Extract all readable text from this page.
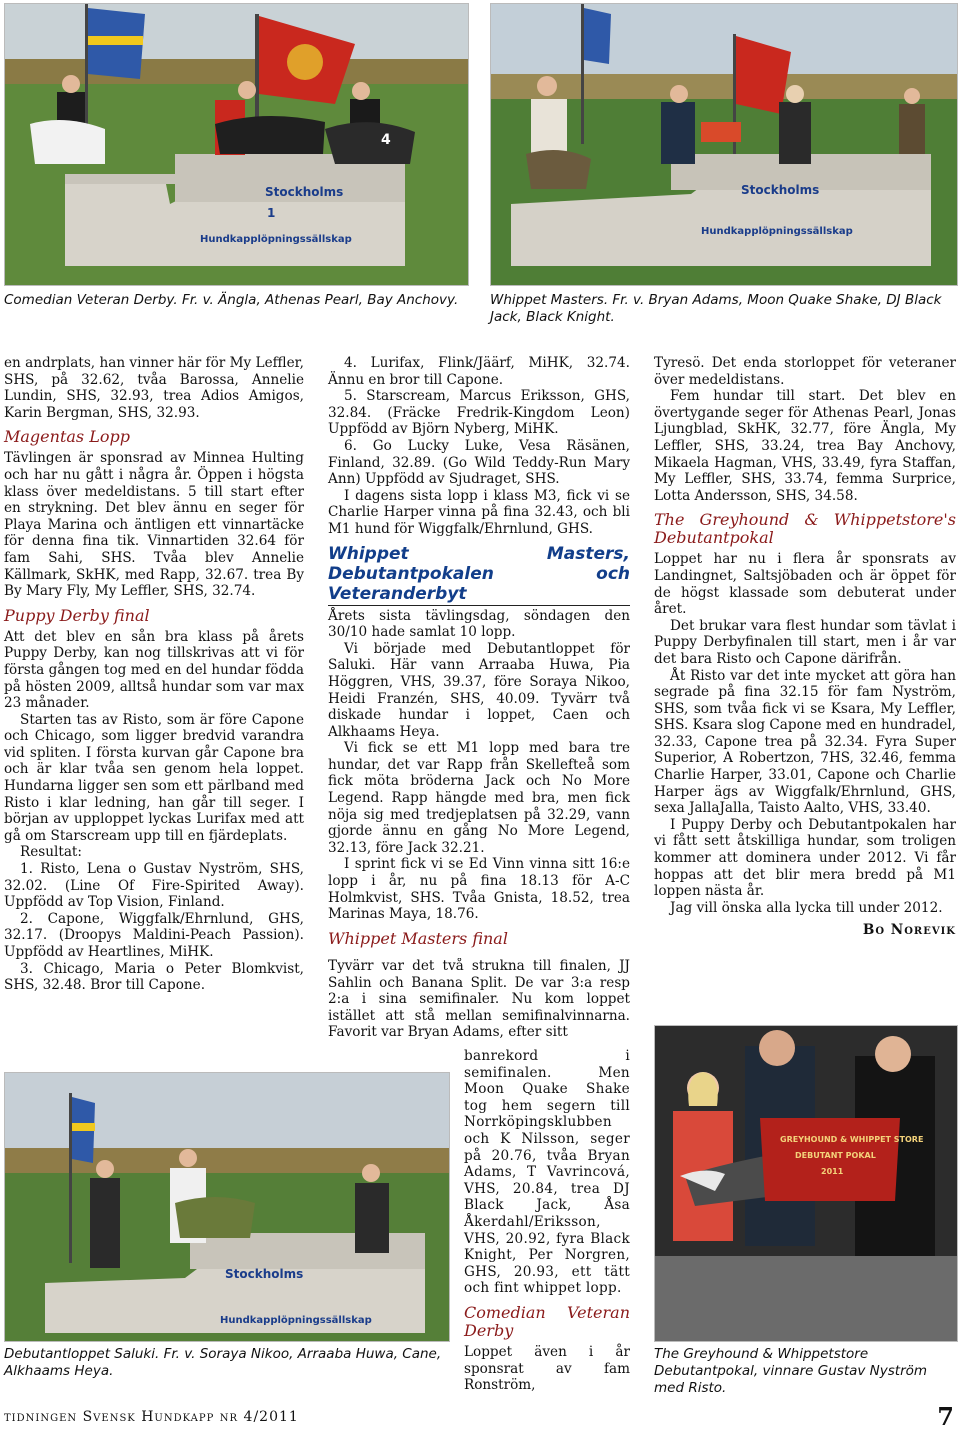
Stockholms
1
Hundkapplöpningssällskap
4
Stockholms
Hundkapplöpningssällskap
Comedian Veteran Derby. Fr. v. Ängla, Athenas Pearl, Bay Anchovy.	Whippet Masters. Fr. v. Bryan Adams, Moon Quake Shake, DJ Black Jack, Black Knight.

en andrplats, han vinner här för My Leffler, SHS, på 32.62, tvåa Barossa, Annelie Lundin, SHS, 32.93, trea Adios Amigos, Karin Bergman, SHS, 32.93.

Magentas Lopp

Tävlingen är sponsrad av Minnea Hulting och har nu gått i några år. Öppen i högsta klass över medeldistans. 5 till start efter en strykning. Det blev ännu en seger för Playa Marina och äntligen ett vinnartäcke för denna fina tik. Vinnartiden 32.64 för fam Sahi, SHS. Tvåa blev Annelie Källmark, SkHK, med Rapp, 32.67. trea By By Mary Fly, My Leffler, SHS, 32.74.

Puppy Derby final

Att det blev en sån bra klass på årets Puppy Derby, kan nog tillskrivas att vi för första gången tog med en del hundar födda på hösten 2009, alltså hundar som var max 23 månader.

Starten tas av Risto, som är före Capone och Chicago, som ligger bredvid varandra vid spliten. I första kurvan går Capone bra och är klar tvåa sen genom hela loppet. Hundarna ligger sen som ett pärlband med Risto i klar ledning, han går till seger. I början av upploppet lyckas Lurifax med att gå om Starscream upp till en fjärdeplats.

Resultat:

1. Risto, Lena o Gustav Nyström, SHS, 32.02. (Line Of Fire-Spirited Away). Uppfödd av Top Vision, Finland.

2. Capone, Wiggfalk/Ehrnlund, GHS, 32.17. (Droopys Maldini-Peach Passion). Uppfödd av Heartlines, MiHK.

3. Chicago, Maria o Peter Blomkvist, SHS, 32.48. Bror till Capone.

Stockholms
Hundkapplöpningssällskap
Debutantloppet Saluki. Fr. v. Soraya Nikoo, Arraaba Huwa, Cane, Alkhaams Heya.

4. Lurifax, Flink/Jäärf, MiHK, 32.74. Ännu en bror till Capone.

5. Starscream, Marcus Eriksson, GHS, 32.84. (Fräcke Fredrik-Kingdom Leon) Uppfödd av Björn Nyberg, MiHK.

6. Go Lucky Luke, Vesa Räsänen, Finland, 32.89. (Go Wild Teddy-Run Mary Ann) Uppfödd av Sjudraget, SHS.

I dagens sista lopp i klass M3, fick vi se Charlie Harper vinna på fina 32.43, och bli M1 hund för Wiggfalk/Ehrnlund, GHS.

Whippet Masters, Debutantpokalen och Veteranderbyt

Årets sista tävlingsdag, söndagen den 30/10 hade samlat 10 lopp.

Vi började med Debutantloppet för Saluki. Här vann Arraaba Huwa, Pia Höggren, VHS, 39.37, före Soraya Nikoo, Heidi Franzén, SHS, 40.09. Tyvärr två diskade hundar i loppet, Caen och Alkhaams Heya.

Vi fick se ett M1 lopp med bara tre hundar, det var Rapp från Skellefteå som fick möta bröderna Jack och No More Legend. Rapp hängde med bra, men fick nöja sig med tredjeplatsen på 32.29, vann gjorde ännu en gång No More Legend, 32.13, före Jack 32.21.

I sprint fick vi se Ed Vinn vinna sitt 16:e lopp i år, nu på fina 18.13 för A-C Holmkvist, SHS. Tvåa Gnista, 18.52, trea Marinas Maya, 18.76.

Whippet Masters final

Tyvärr var det två strukna till finalen, JJ Sahlin och Banana Split. De var 3:a resp 2:a i sina semifinaler. Nu kom loppet istället att stå mellan semifinalvinnarna. Favorit var Bryan Adams, efter sitt

banrekord i semifinalen. Men Moon Quake Shake tog hem segern till Norrköpingsklubben och K Nilsson, seger på 20.76, tvåa Bryan Adams, T Vavrincová, VHS, 20.84, trea DJ Black Jack, Åsa Åkerdahl/Eriksson, VHS, 20.92, fyra Black Knight, Per Norgren, GHS, 20.93, ett tätt och fint whippet lopp.

Comedian Veteran Derby

Loppet även i år sponsrat av fam Ronström,

Tyresö. Det enda storloppet för veteraner över medeldistans.

Fem hundar till start. Det blev en övertygande seger för Athenas Pearl, Jonas Ljungblad, SkHK, 32.77, före Ängla, My Leffler, SHS, 33.24, trea Bay Anchovy, Mikaela Hagman, VHS, 33.49, fyra Staffan, My Leffler, SHS, 33.74, femma Surprice, Lotta Andersson, SHS, 34.58.

The Greyhound & Whippetstore's Debutantpokal

Loppet har nu i flera år sponsrats av Landingnet, Saltsjöbaden och är öppet för de högst klassade som debuterat under året.

Det brukar vara flest hundar som tävlat i Puppy Derbyfinalen till start, men i år var det bara Risto och Capone därifrån.

Åt Risto var det inte mycket att göra han segrade på fina 32.15 för fam Nyström, SHS, som tvåa fick vi se Ksara, My Leffler, SHS. Ksara slog Capone med en hundradel, 32.33, Capone trea på 32.34. Fyra Super Superior, A Robertzon, 7HS, 32.46, femma Charlie Harper, 33.01, Capone och Charlie Harper ägs av Wiggfalk/Ehrnlund, GHS, sexa JallaJalla, Taisto Aalto, VHS, 33.40.

I Puppy Derby och Debutantpokalen har vi fått sett åtskilliga hundar, som troligen kommer att dominera under 2012. Vi får hoppas att det blir mera bredd på M1 loppen nästa år.

Jag vill önska alla lycka till under 2012.

Bo Norevik
GREYHOUND & WHIPPET STORE
DEBUTANT POKAL
2011
The Greyhound & Whippetstore Debutantpokal, vinnare Gustav Nyström med Risto.
tidningen Svensk Hundkapp nr 4/2011	7
